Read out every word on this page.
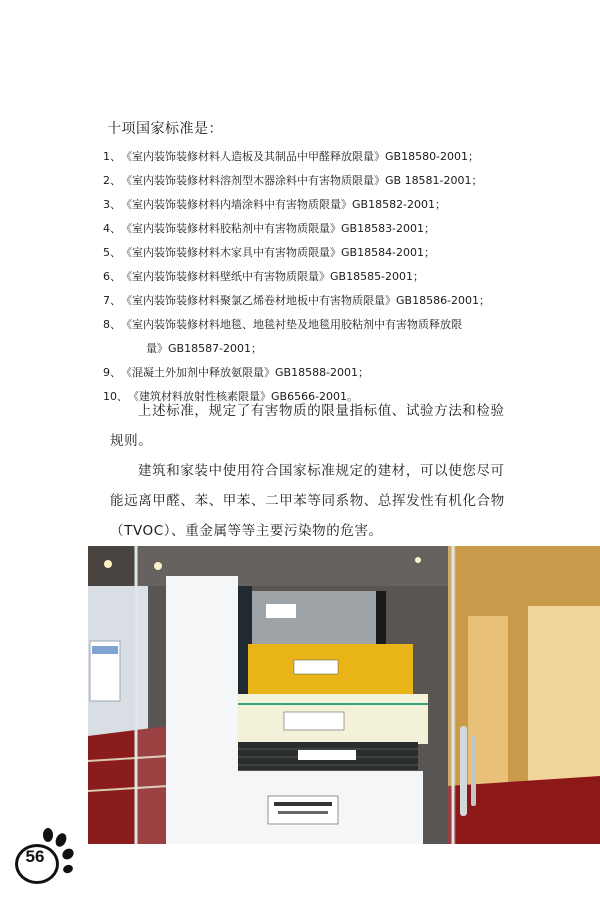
十项国家标准是：
1、 《室内装饰装修材料人造板及其制品中甲醛释放限量》GB18580-2001；
2、 《室内装饰装修材料溶剂型木器涂料中有害物质限量》GB 18581-2001；
3、 《室内装饰装修材料内墙涂料中有害物质限量》GB18582-2001；
4、 《室内装饰装修材料胶粘剂中有害物质限量》GB18583-2001；
5、 《室内装饰装修材料木家具中有害物质限量》GB18584-2001；
6、 《室内装饰装修材料壁纸中有害物质限量》GB18585-2001；
7、 《室内装饰装修材料聚氯乙烯卷材地板中有害物质限量》GB18586-2001；
8、 《室内装饰装修材料地毯、地毯衬垫及地毯用胶粘剂中有害物质释放限
量》GB18587-2001；
9、 《混凝土外加剂中释放氨限量》GB18588-2001；
10、 《建筑材料放射性核素限量》GB6566-2001。

上述标准，规定了有害物质的限量指标值、试验方法和检验规则。

建筑和家装中使用符合国家标准规定的建材，可以使您尽可能远离甲醛、苯、甲苯、二甲苯等同系物、总挥发性有机化合物（TVOC）、重金属等等主要污染物的危害。

56
